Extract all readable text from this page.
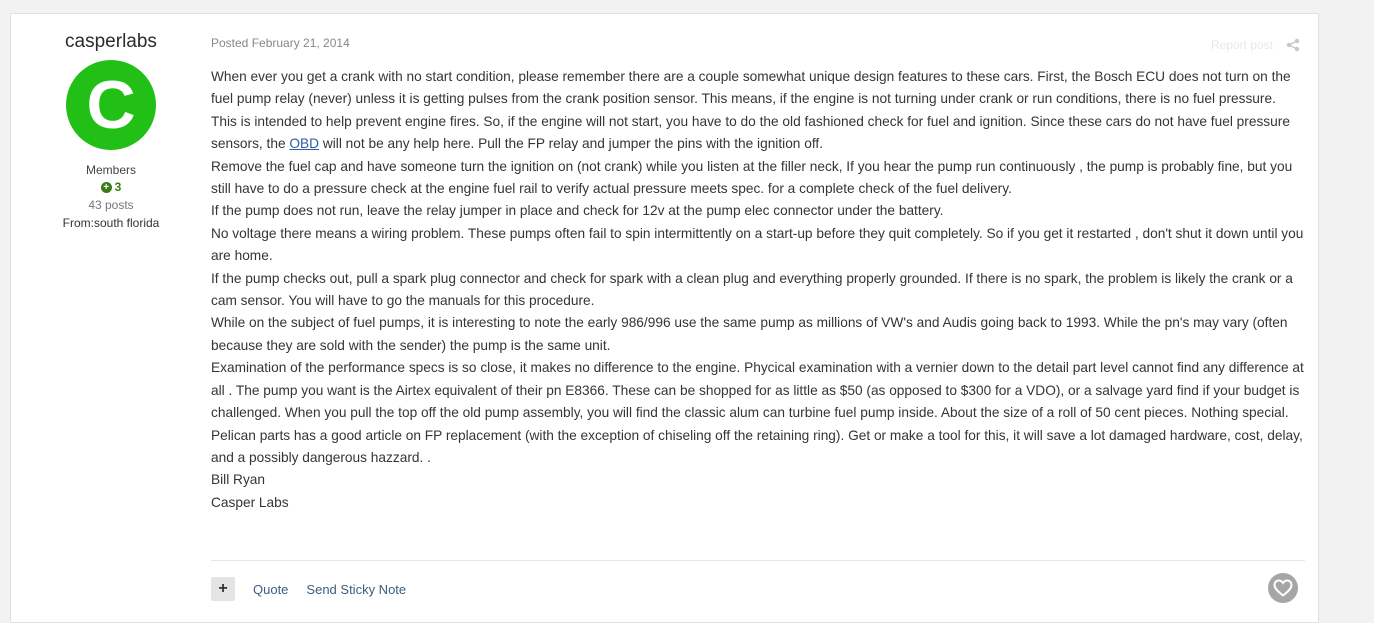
casperlabs
C
Members
+ 3
43 posts
From:south florida
Posted February 21, 2014	Report post

When ever you get a crank with no start condition, please remember there are a couple somewhat unique design features to these cars. First, the Bosch ECU does not turn on the fuel pump relay (never) unless it is getting pulses from the crank position sensor. This means, if the engine is not turning under crank or run conditions, there is no fuel pressure. This is intended to help prevent engine fires. So, if the engine will not start, you have to do the old fashioned check for fuel and ignition. Since these cars do not have fuel pressure sensors, the OBD will not be any help here. Pull the FP relay and jumper the pins with the ignition off.

Remove the fuel cap and have someone turn the ignition on (not crank) while you listen at the filler neck, If you hear the pump run continuously , the pump is probably fine, but you still have to do a pressure check at the engine fuel rail to verify actual pressure meets spec. for a complete check of the fuel delivery.

If the pump does not run, leave the relay jumper in place and check for 12v at the pump elec connector under the battery.

No voltage there means a wiring problem. These pumps often fail to spin intermittently on a start-up before they quit completely. So if you get it restarted , don't shut it down until you are home.

If the pump checks out, pull a spark plug connector and check for spark with a clean plug and everything properly grounded. If there is no spark, the problem is likely the crank or a cam sensor. You will have to go the manuals for this procedure.

While on the subject of fuel pumps, it is interesting to note the early 986/996 use the same pump as millions of VW's and Audis going back to 1993. While the pn's may vary (often because they are sold with the sender) the pump is the same unit.

Examination of the performance specs is so close, it makes no difference to the engine. Phycical examination with a vernier down to the detail part level cannot find any difference at all . The pump you want is the Airtex equivalent of their pn E8366. These can be shopped for as little as $50 (as opposed to $300 for a VDO), or a salvage yard find if your budget is challenged. When you pull the top off the old pump assembly, you will find the classic alum can turbine fuel pump inside. About the size of a roll of 50 cent pieces. Nothing special.

Pelican parts has a good article on FP replacement (with the exception of chiseling off the retaining ring). Get or make a tool for this, it will save a lot damaged hardware, cost, delay, and a possibly dangerous hazzard. .

Bill Ryan

Casper Labs

+	Quote Send Sticky Note
